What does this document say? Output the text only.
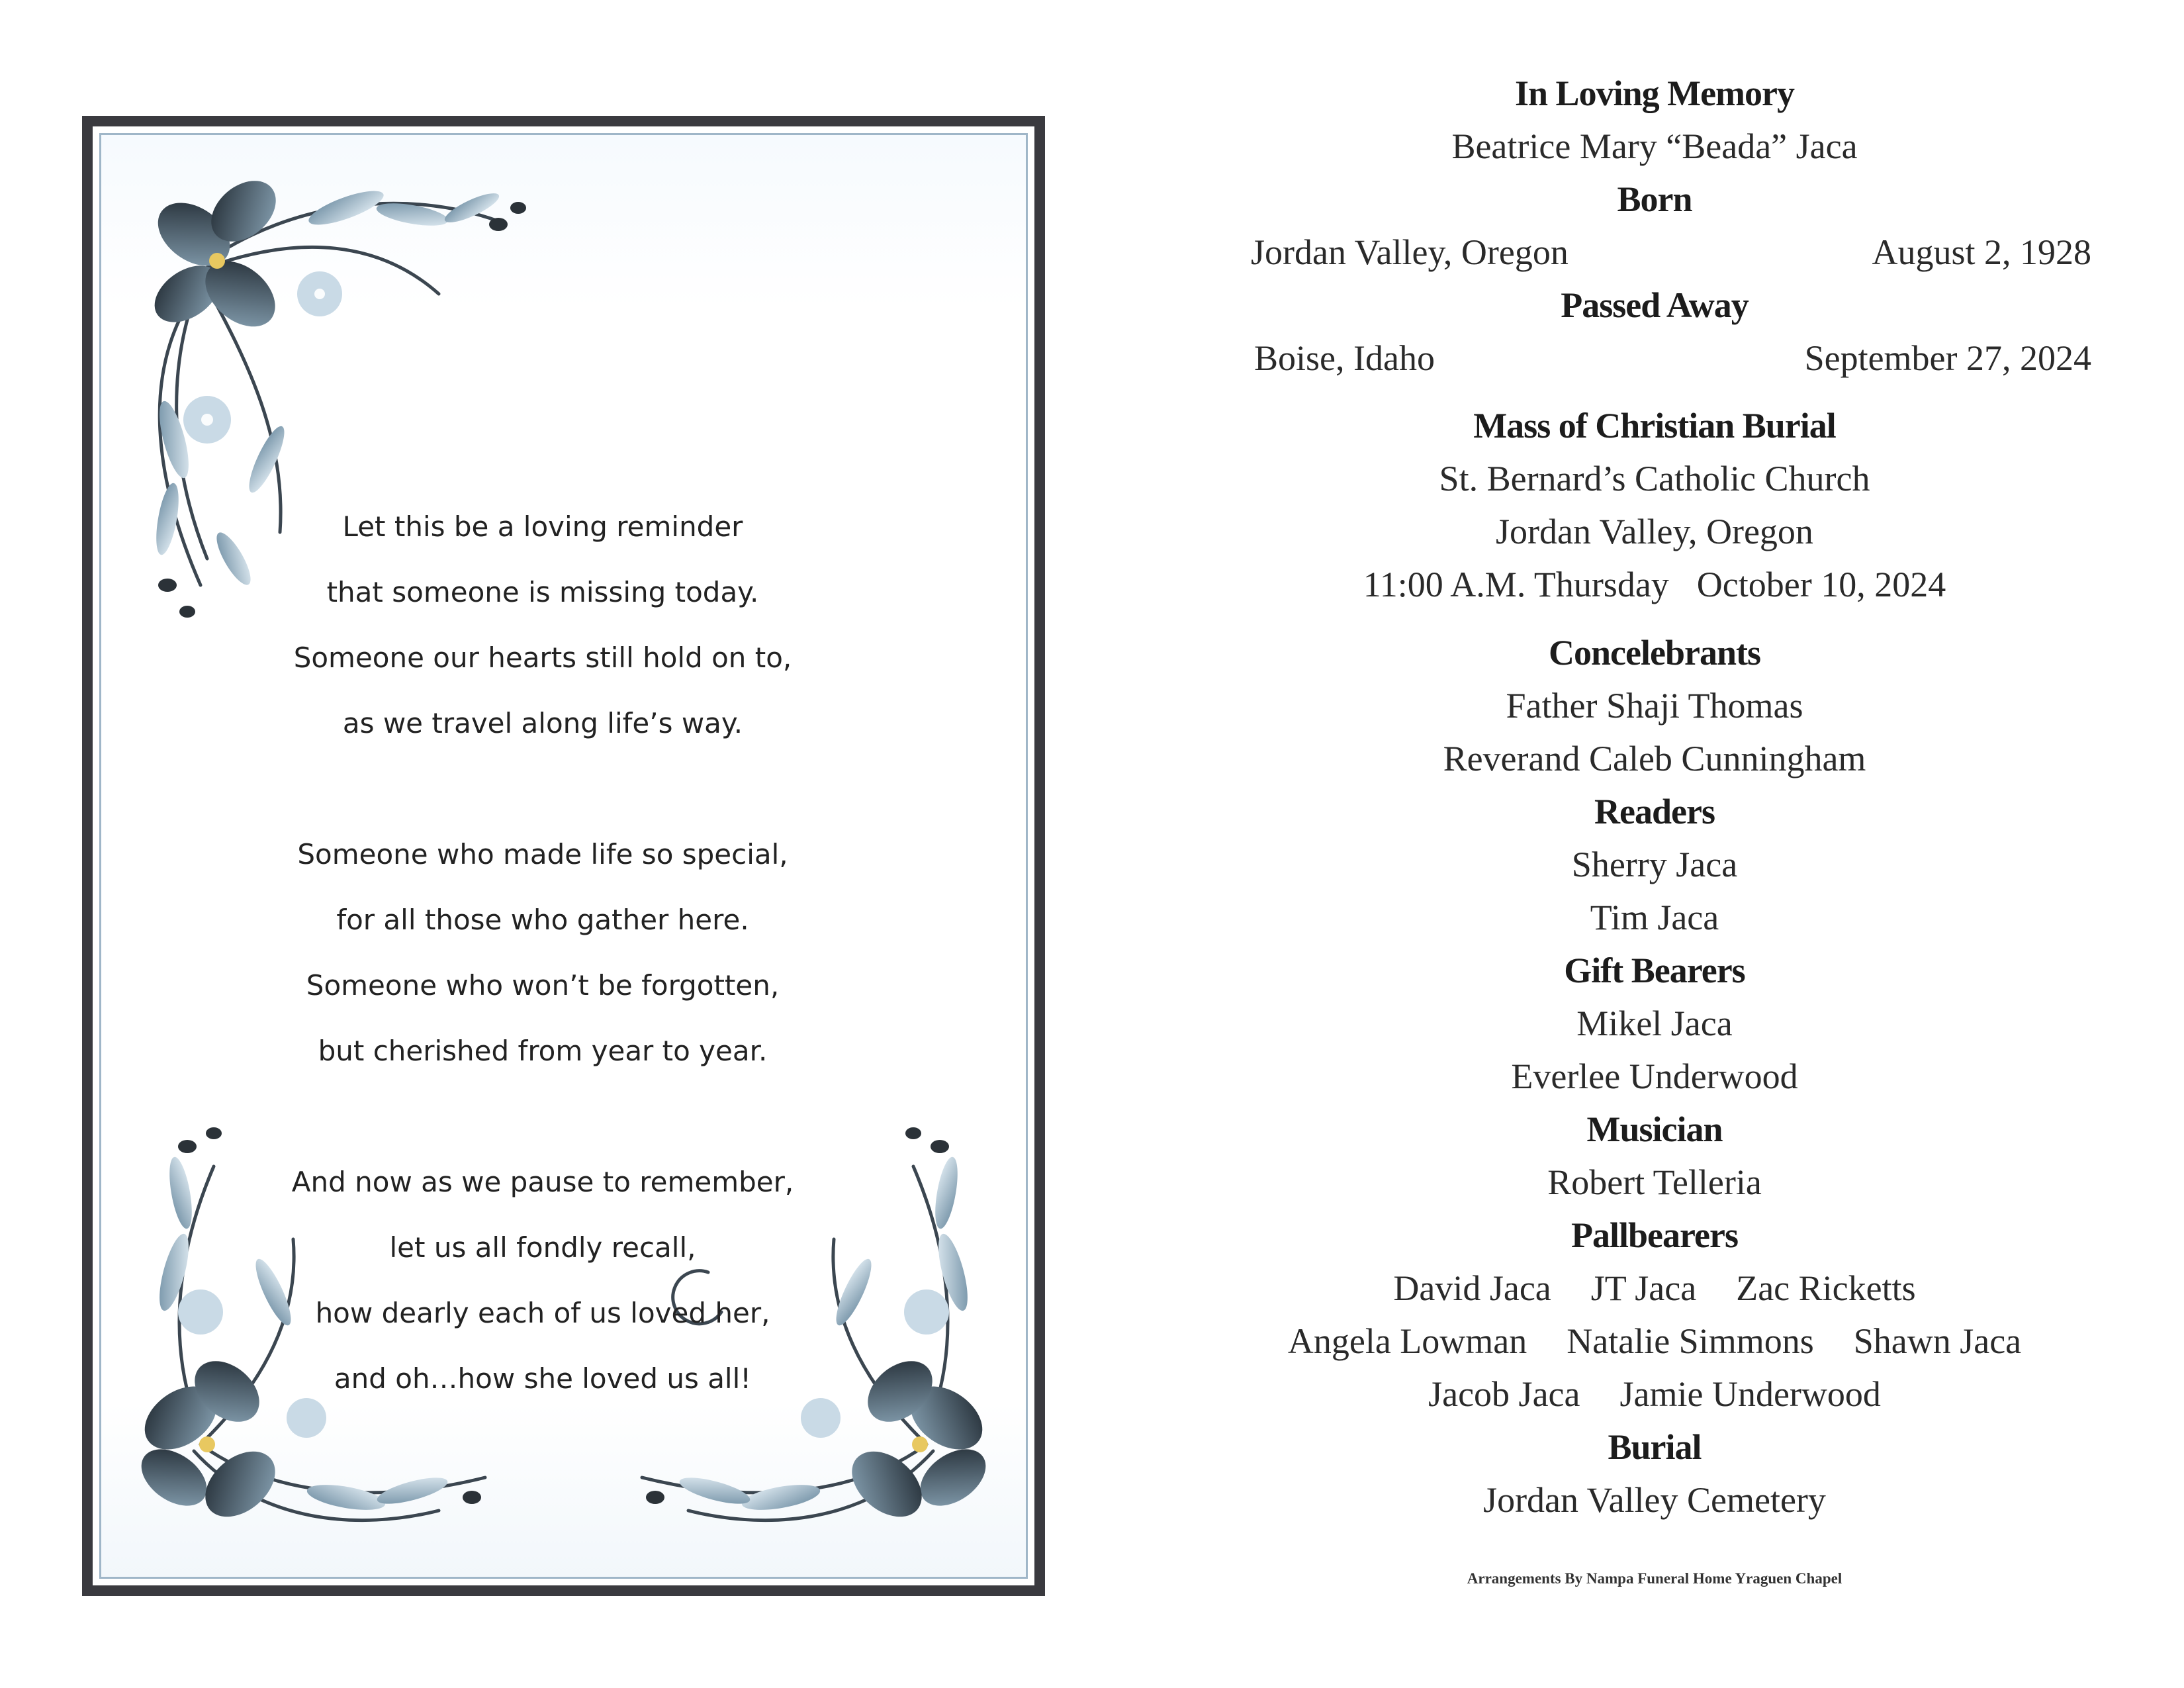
Let this be a loving reminder
that someone is missing today.
Someone our hearts still hold on to,
as we travel along life’s way.
Someone who made life so special,
for all those who gather here.
Someone who won’t be forgotten,
but cherished from year to year.
And now as we pause to remember,
let us all fondly recall,
how dearly each of us loved her,
and oh…how she loved us all!
In Loving Memory
Beatrice Mary “Beada” Jaca
Born
Jordan Valley, Oregon	August 2, 1928
Passed Away
Boise, Idaho	September 27, 2024
Mass of Christian Burial
St. Bernard’s Catholic Church
Jordan Valley, Oregon
11:00 A.M. Thursday October 10, 2024
Concelebrants
Father Shaji Thomas
Reverand Caleb Cunningham
Readers
Sherry Jaca
Tim Jaca
Gift Bearers
Mikel Jaca
Everlee Underwood
Musician
Robert Telleria
Pallbearers
David Jaca JT Jaca Zac Ricketts
Angela Lowman Natalie Simmons Shawn Jaca
Jacob Jaca Jamie Underwood
Burial
Jordan Valley Cemetery
Arrangements By Nampa Funeral Home Yraguen Chapel
